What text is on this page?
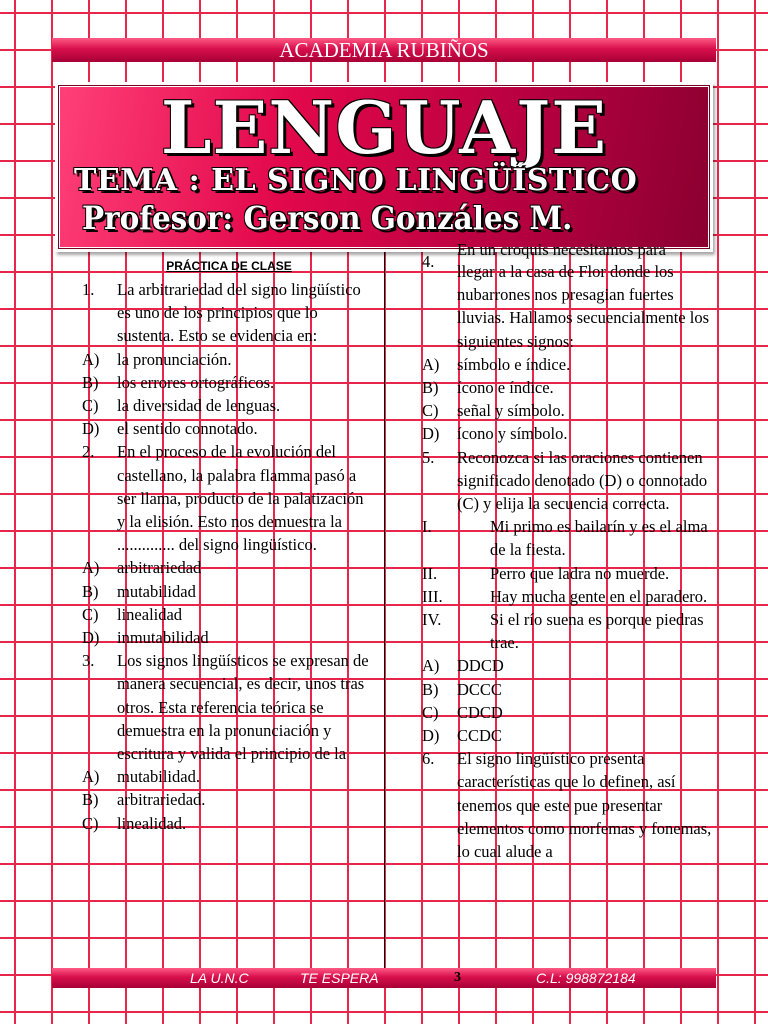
ACADEMIA RUBIÑOS
LENGUAJE
TEMA : EL SIGNO LINGÜÍSTICO
Profesor: Gerson Gonzáles M.
PRÁCTICA DE CLASE
1.	La arbitrariedad del signo lingüístico es uno de los principios que lo sustenta. Esto se evidencia en:
A)	la pronunciación.
B)	los errores ortográficos.
C)	la diversidad de lenguas.
D)	el sentido connotado.
2.	En el proceso de la evolución del castellano, la palabra flamma pasó a ser llama, producto de la palatización y la elisión. Esto nos demuestra la .............. del signo lingüístico.
A)	arbitrariedad
B)	mutabilidad
C)	linealidad
D)	inmutabilidad
3.	Los signos lingüísticos se expresan de manera secuencial, es decir, unos tras otros. Esta referencia teórica se demuestra en la pronunciación y escritura y valida el principio de la
A)	mutabilidad.
B)	arbitrariedad.
C)	linealidad.
4.
En un croquis necesitamos para
llegar a la casa de Flor donde los nubarrones nos presagian fuertes lluvias. Hallamos secuencialmente los siguientes signos:
A)	símbolo e índice.
B)	ícono e índice.
C)	señal y símbolo.
D)	ícono y símbolo.
5.	Reconozca si las oraciones contienen significado denotado (D) o connotado (C) y elija la secuencia correcta.
I.	Mi primo es bailarín y es el alma de la fiesta.
II.	Perro que ladra no muerde.
III.	Hay mucha gente en el paradero.
IV.	Si el río suena es porque piedras trae.
A)	DDCD
B)	DCCC
C)	CDCD
D)	CCDC
6.	El signo lingüístico presenta características que lo definen, así tenemos que este pue presentar elementos como morfemas y fonemas, lo cual alude a
LA U.N.C	TE ESPERA	3	C.L: 998872184
